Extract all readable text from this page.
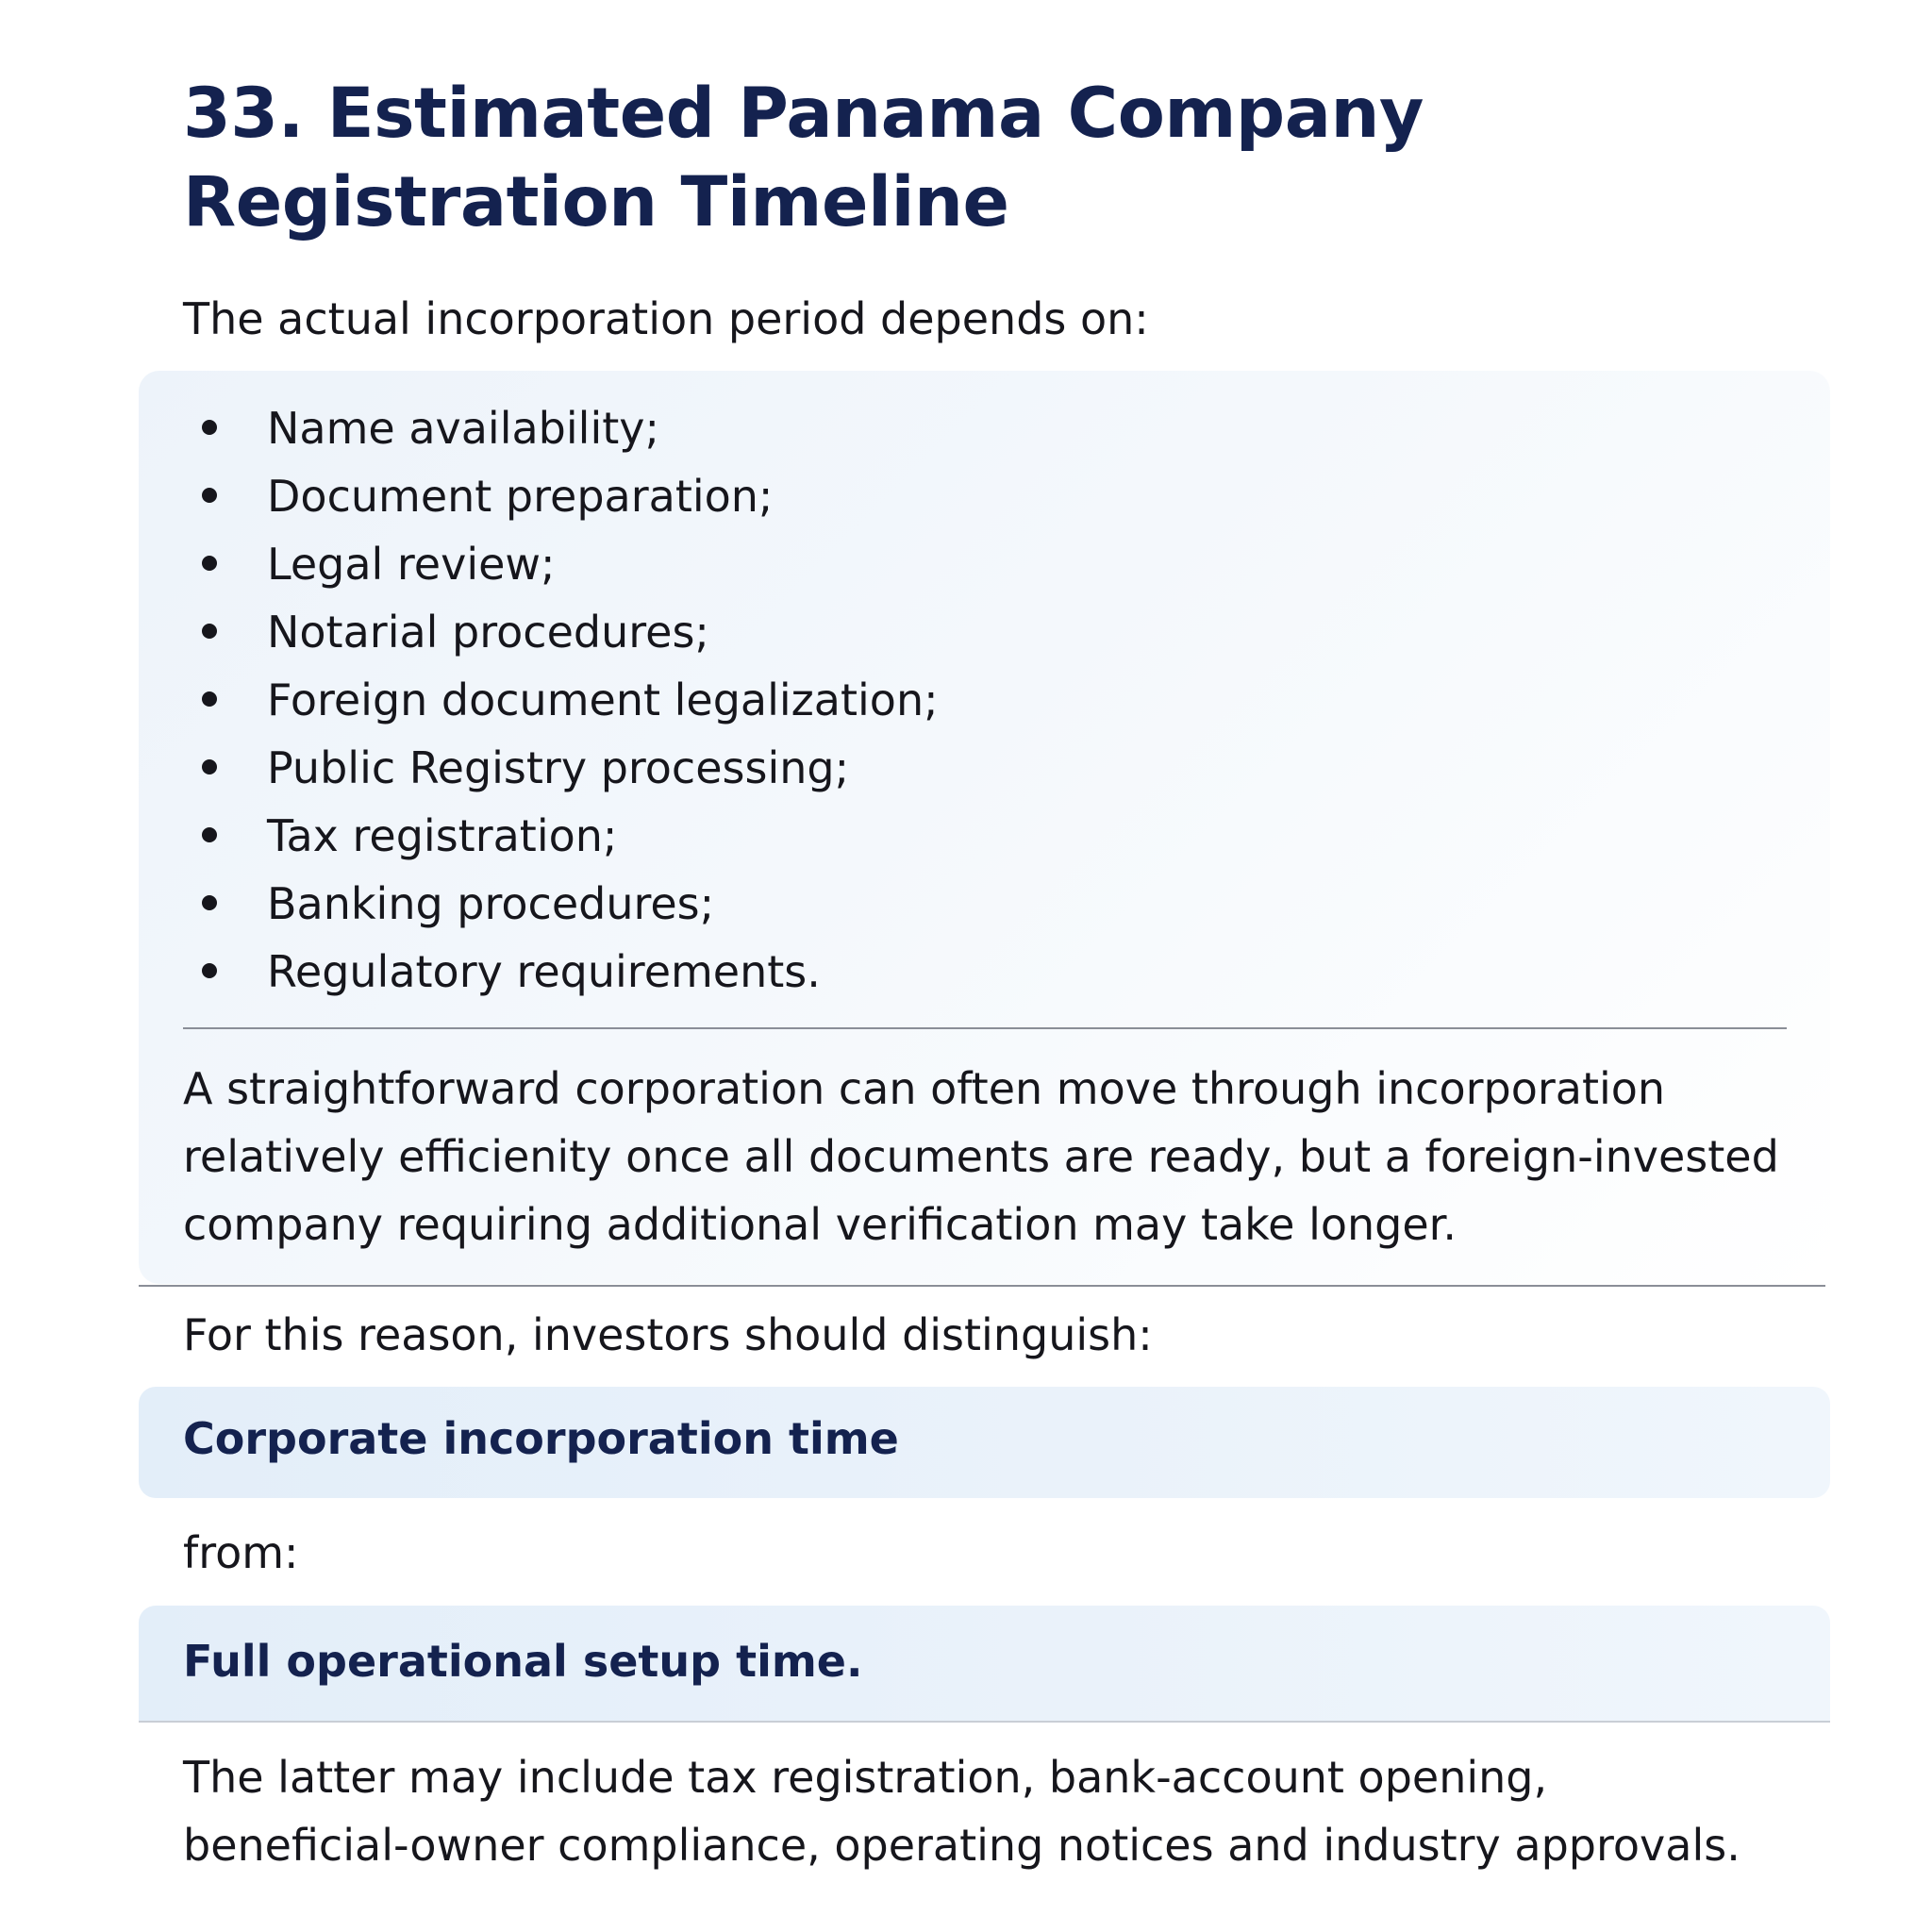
33. Estimated Panama Company Registration Timeline

The actual incorporation period depends on:

Name availability;
Document preparation;
Legal review;
Notarial procedures;
Foreign document legalization;
Public Registry processing;
Tax registration;
Banking procedures;
Regulatory requirements.

A straightforward corporation can often move through incorporation relatively efficienity once all documents are ready, but a foreign-invested company requiring additional verification may take longer.

For this reason, investors should distinguish:

Corporate incorporation time

from:

Full operational setup time.

The latter may include tax registration, bank-account opening, beneficial-owner compliance, operating notices and industry approvals.
